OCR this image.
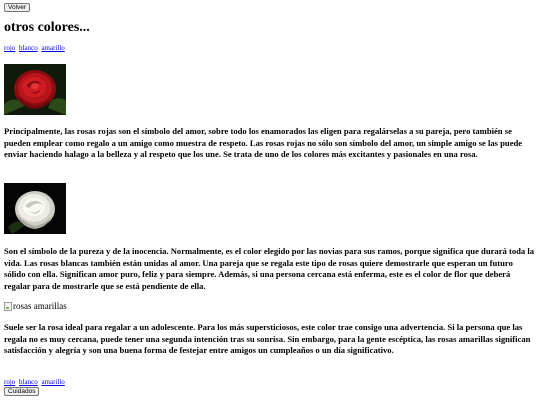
Volver
otros colores...
rojo blanco amarillo

Principalmente, las rosas rojas son el símbolo del amor, sobre todo los enamorados las eligen para regalárselas a su pareja, pero también se pueden emplear como regalo a un amigo como muestra de respeto. Las rosas rojas no sólo son símbolo del amor, un simple amigo se las puede enviar haciendo halago a la belleza y al respeto que los une. Se trata de uno de los colores más excitantes y pasionales en una rosa.

Son el símbolo de la pureza y de la inocencia. Normalmente, es el color elegido por las novias para sus ramos, porque significa que durará toda la vida. Las rosas blancas también están unidas al amor. Una pareja que se regala este tipo de rosas quiere demostrarle que esperan un futuro sólido con ella. Significan amor puro, feliz y para siempre. Además, si una persona cercana está enferma, este es el color de flor que deberá regalar para de mostrarle que se está pendiente de ella.

rosas amarillas

Suele ser la rosa ideal para regalar a un adolescente. Para los más supersticiosos, este color trae consigo una advertencia. Si la persona que las regala no es muy cercana, puede tener una segunda intención tras su sonrisa. Sin embargo, para la gente escéptica, las rosas amarillas significan satisfacción y alegría y son una buena forma de festejar entre amigos un cumpleaños o un día significativo.

rojo blanco amarillo
Cuidados
